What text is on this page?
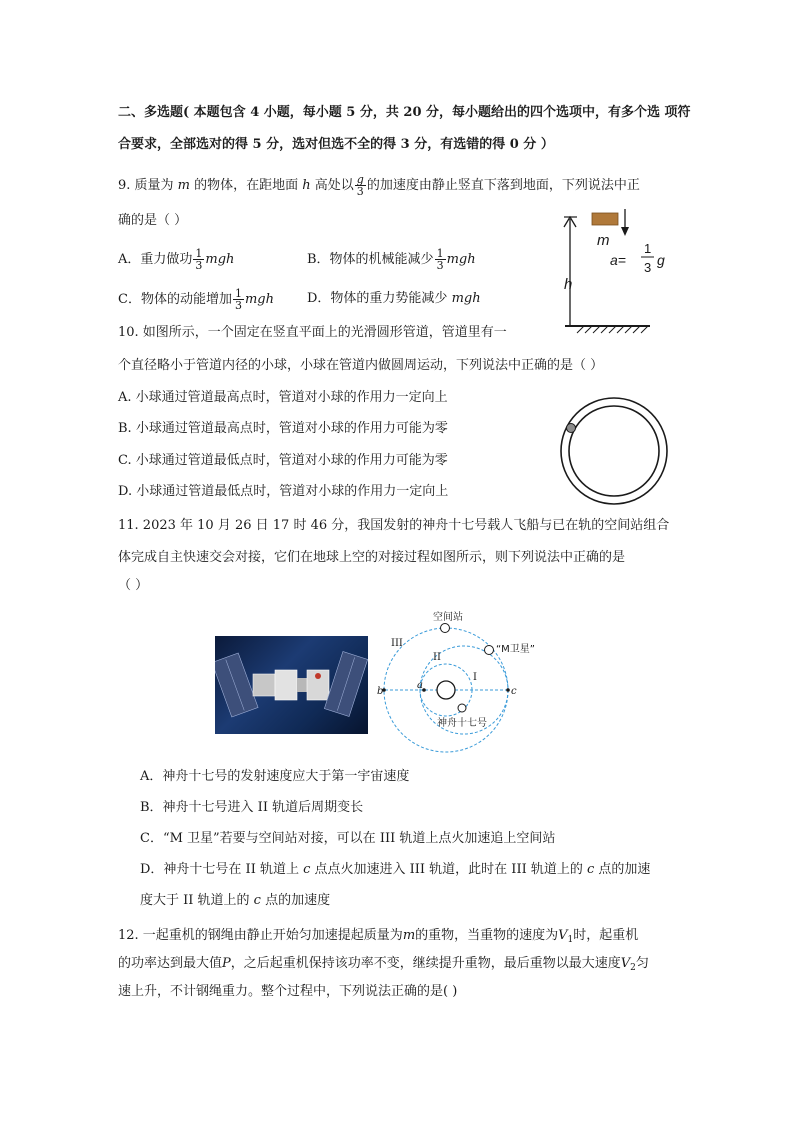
二、多选题( 本题包含 4 小题，每小题 5 分，共 20 分，每小题给出的四个选项中，有多个选 项符
合要求，全部选对的得 5 分，选对但选不全的得 3 分，有选错的得 0 分 ）
9. 质量为 m 的物体，在距地面 h 高处以 $\frac{g}{3}$ 的加速度由静止竖直下落到地面，下列说法中正
确的是（ ）
A．重力做功 $\frac{1}{3}$ mgh	B．物体的机械能减少 $\frac{1}{3}$ mgh
C．物体的动能增加 $\frac{1}{3}$ mgh	D．物体的重力势能减少 mgh
m
h
a=
1
3 g
10. 如图所示，一个固定在竖直平面上的光滑圆形管道，管道里有一
个直径略小于管道内径的小球，小球在管道内做圆周运动，下列说法中正确的是（ ）
A. 小球通过管道最高点时，管道对小球的作用力一定向上
B. 小球通过管道最高点时，管道对小球的作用力可能为零
C. 小球通过管道最低点时，管道对小球的作用力可能为零
D. 小球通过管道最低点时，管道对小球的作用力一定向上
11. 2023 年 10 月 26 日 17 时 46 分，我国发射的神舟十七号载人飞船与已在轨的空间站组合
体完成自主快速交会对接，它们在地球上空的对接过程如图所示，则下列说法中正确的是
（ ）
空间站
“M卫星”
神舟十七号
III
II
I
a
b	c
A．神舟十七号的发射速度应大于第一宇宙速度
B．神舟十七号进入 II 轨道后周期变长
C．“M 卫星”若要与空间站对接，可以在 III 轨道上点火加速追上空间站
D．神舟十七号在 II 轨道上 c 点点火加速进入 III 轨道，此时在 III 轨道上的 c 点的加速
度大于 II 轨道上的 c 点的加速度
12. 一起重机的钢绳由静止开始匀加速提起质量为m的重物，当重物的速度为$V_1$时，起重机
的功率达到最大值P，之后起重机保持该功率不变，继续提升重物，最后重物以最大速度$V_2$匀
速上升，不计钢绳重力。整个过程中，下列说法正确的是( )
